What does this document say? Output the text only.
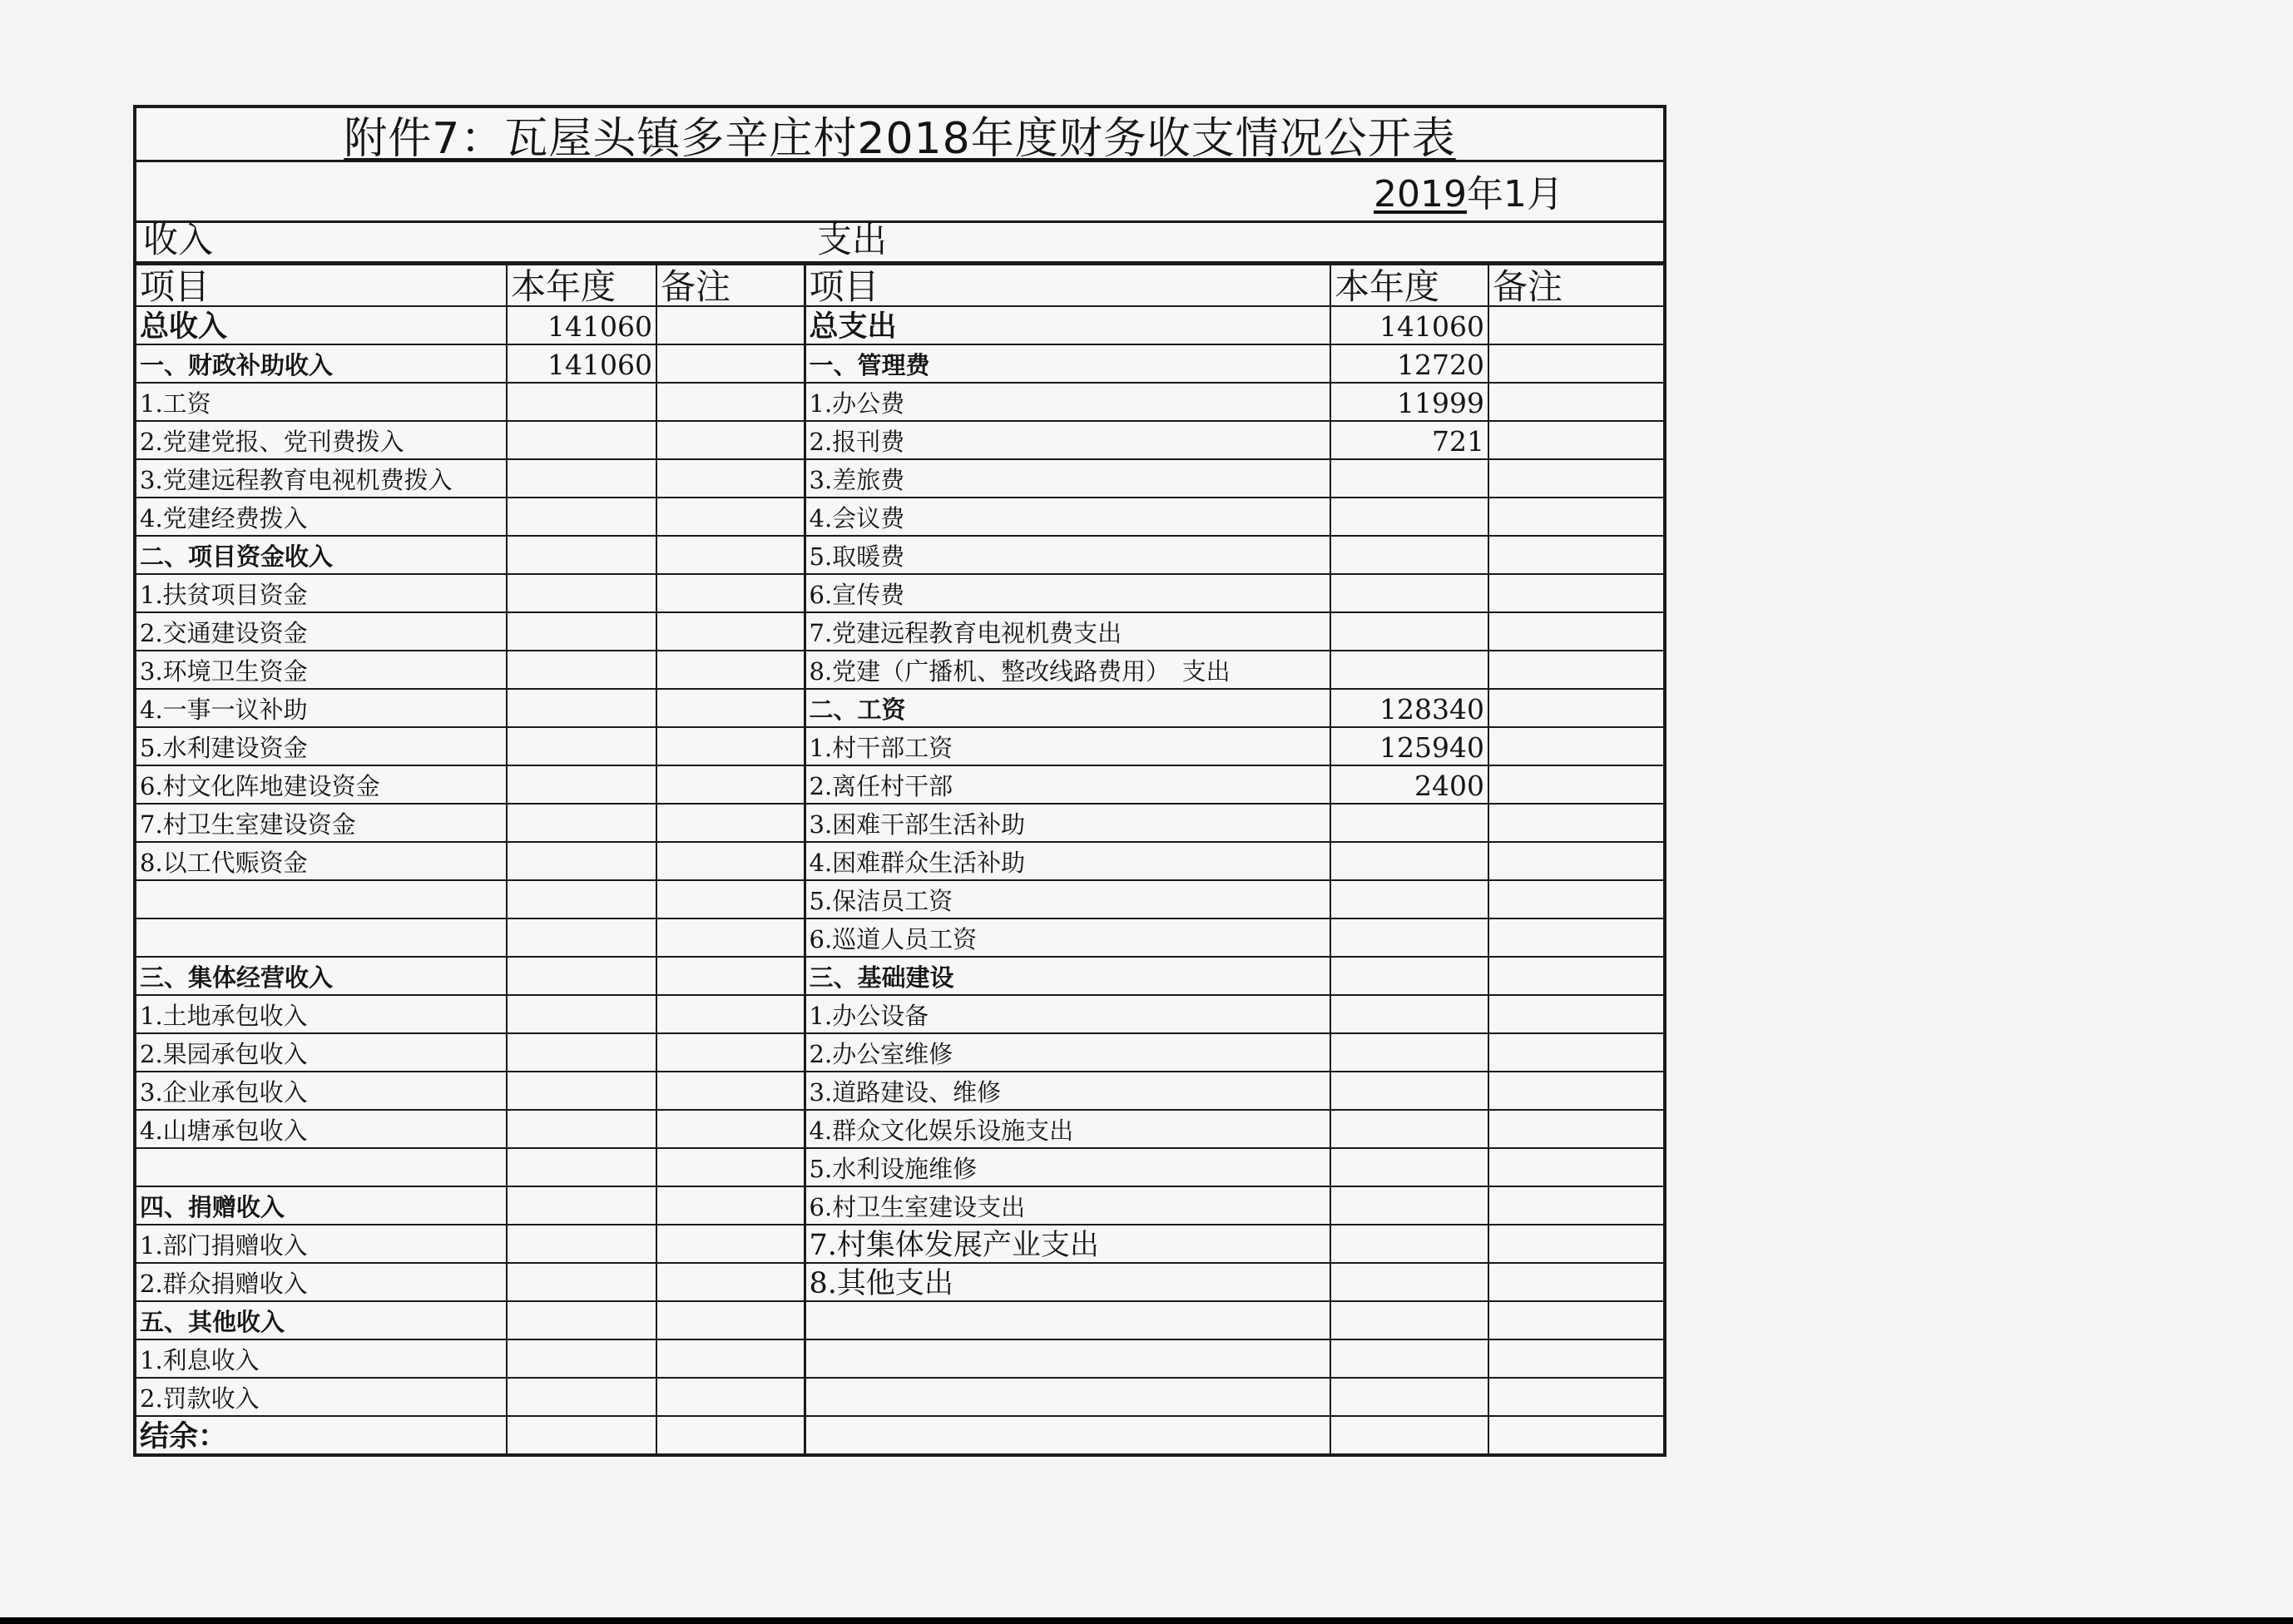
附件7：瓦屋头镇多辛庄村2018年度财务收支情况公开表
2019年1月
收入	支出
项目	本年度	备注	项目	本年度	备注
总收入	141060		总支出	141060	
一、财政补助收入	141060		一、管理费	12720	
1.工资			1.办公费	11999	
2.党建党报、党刊费拨入			2.报刊费	721	
3.党建远程教育电视机费拨入			3.差旅费		
4.党建经费拨入			4.会议费		
二、项目资金收入			5.取暖费		
1.扶贫项目资金			6.宣传费		
2.交通建设资金			7.党建远程教育电视机费支出		
3.环境卫生资金			8.党建（广播机、整改线路费用）　支出		
4.一事一议补助			二、工资	128340	
5.水利建设资金			1.村干部工资	125940	
6.村文化阵地建设资金			2.离任村干部	2400	
7.村卫生室建设资金			3.困难干部生活补助		
8.以工代赈资金			4.困难群众生活补助		
			5.保洁员工资		
			6.巡道人员工资		
三、集体经营收入			三、基础建设		
1.土地承包收入			1.办公设备		
2.果园承包收入			2.办公室维修		
3.企业承包收入			3.道路建设、维修		
4.山塘承包收入			4.群众文化娱乐设施支出		
			5.水利设施维修		
四、捐赠收入			6.村卫生室建设支出		
1.部门捐赠收入			7.村集体发展产业支出		
2.群众捐赠收入			8.其他支出		
五、其他收入					
1.利息收入					
2.罚款收入					
结余：					
